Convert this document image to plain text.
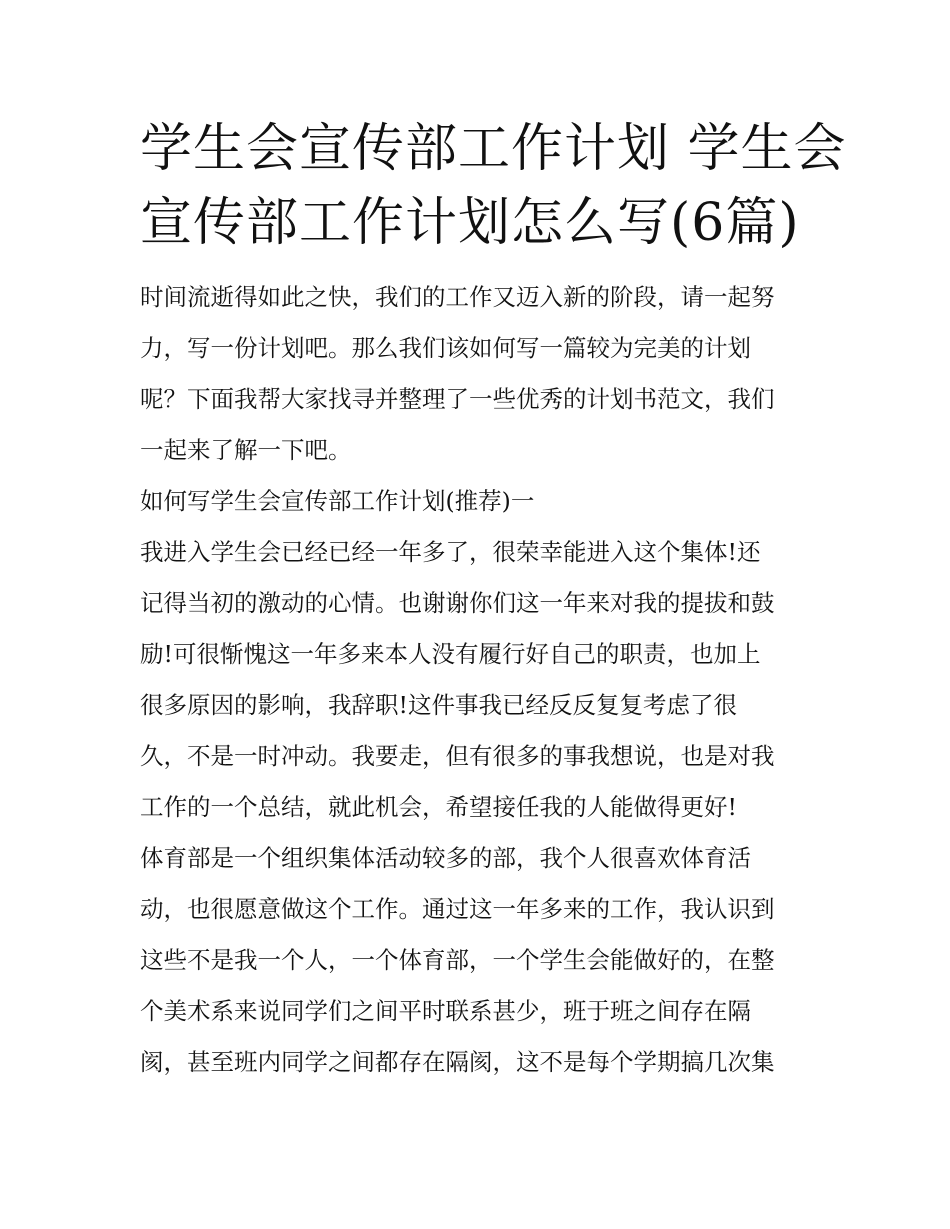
学生会宣传部工作计划 学生会
宣传部工作计划怎么写(6篇)

时间流逝得如此之快，我们的工作又迈入新的阶段，请一起努
力，写一份计划吧。那么我们该如何写一篇较为完美的计划
呢？下面我帮大家找寻并整理了一些优秀的计划书范文，我们
一起来了解一下吧。

如何写学生会宣传部工作计划(推荐)一

我进入学生会已经已经一年多了，很荣幸能进入这个集体!还
记得当初的激动的心情。也谢谢你们这一年来对我的提拔和鼓
励!可很惭愧这一年多来本人没有履行好自己的职责，也加上
很多原因的影响，我辞职!这件事我已经反反复复考虑了很
久，不是一时冲动。我要走，但有很多的事我想说，也是对我
工作的一个总结，就此机会，希望接任我的人能做得更好!

体育部是一个组织集体活动较多的部，我个人很喜欢体育活
动，也很愿意做这个工作。通过这一年多来的工作，我认识到
这些不是我一个人，一个体育部，一个学生会能做好的，在整
个美术系来说同学们之间平时联系甚少，班于班之间存在隔
阂，甚至班内同学之间都存在隔阂，这不是每个学期搞几次集
